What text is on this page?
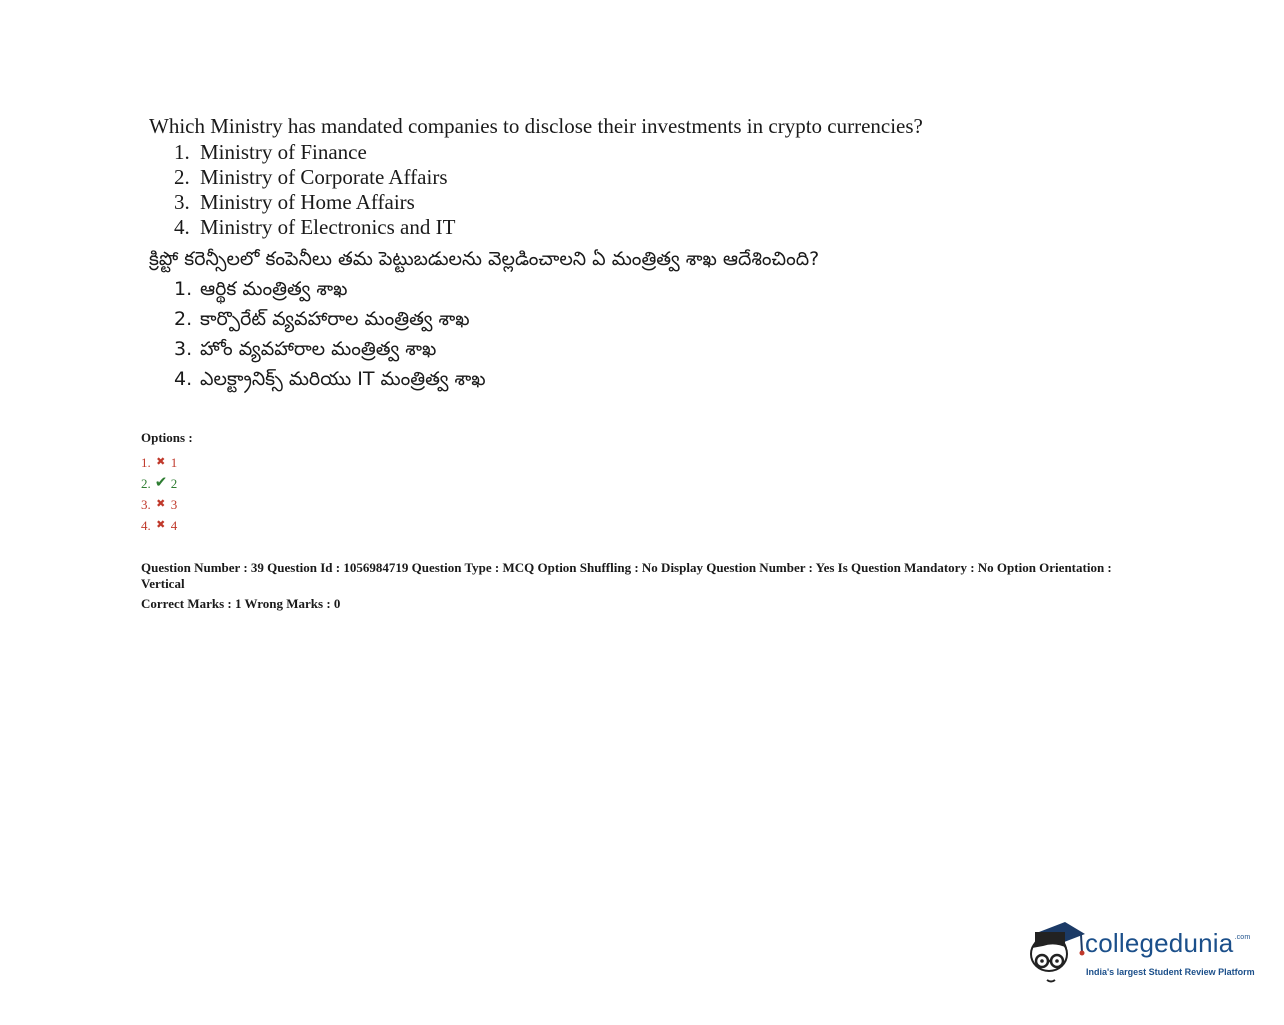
Which Ministry has mandated companies to disclose their investments in crypto currencies?

1. Ministry of Finance
2. Ministry of Corporate Affairs
3. Ministry of Home Affairs
4. Ministry of Electronics and IT

క్రిప్టో కరెన్సీలలో కంపెనీలు తమ పెట్టుబడులను వెల్లడించాలని ఏ మంత్రిత్వ శాఖ ఆదేశించింది?

1. ఆర్థిక మంత్రిత్వ శాఖ
2. కార్పొరేట్ వ్యవహారాల మంత్రిత్వ శాఖ
3. హోం వ్యవహారాల మంత్రిత్వ శాఖ
4. ఎలక్ట్రానిక్స్ మరియు IT మంత్రిత్వ శాఖ

Options :

1. ✖ 1
2. ✔ 2
3. ✖ 3
4. ✖ 4
Question Number : 39 Question Id : 1056984719 Question Type : MCQ Option Shuffling : No Display Question Number : Yes Is Question Mandatory : No Option Orientation : Vertical
Correct Marks : 1 Wrong Marks : 0
collegedunia$^{.com}$
India's largest Student Review Platform
